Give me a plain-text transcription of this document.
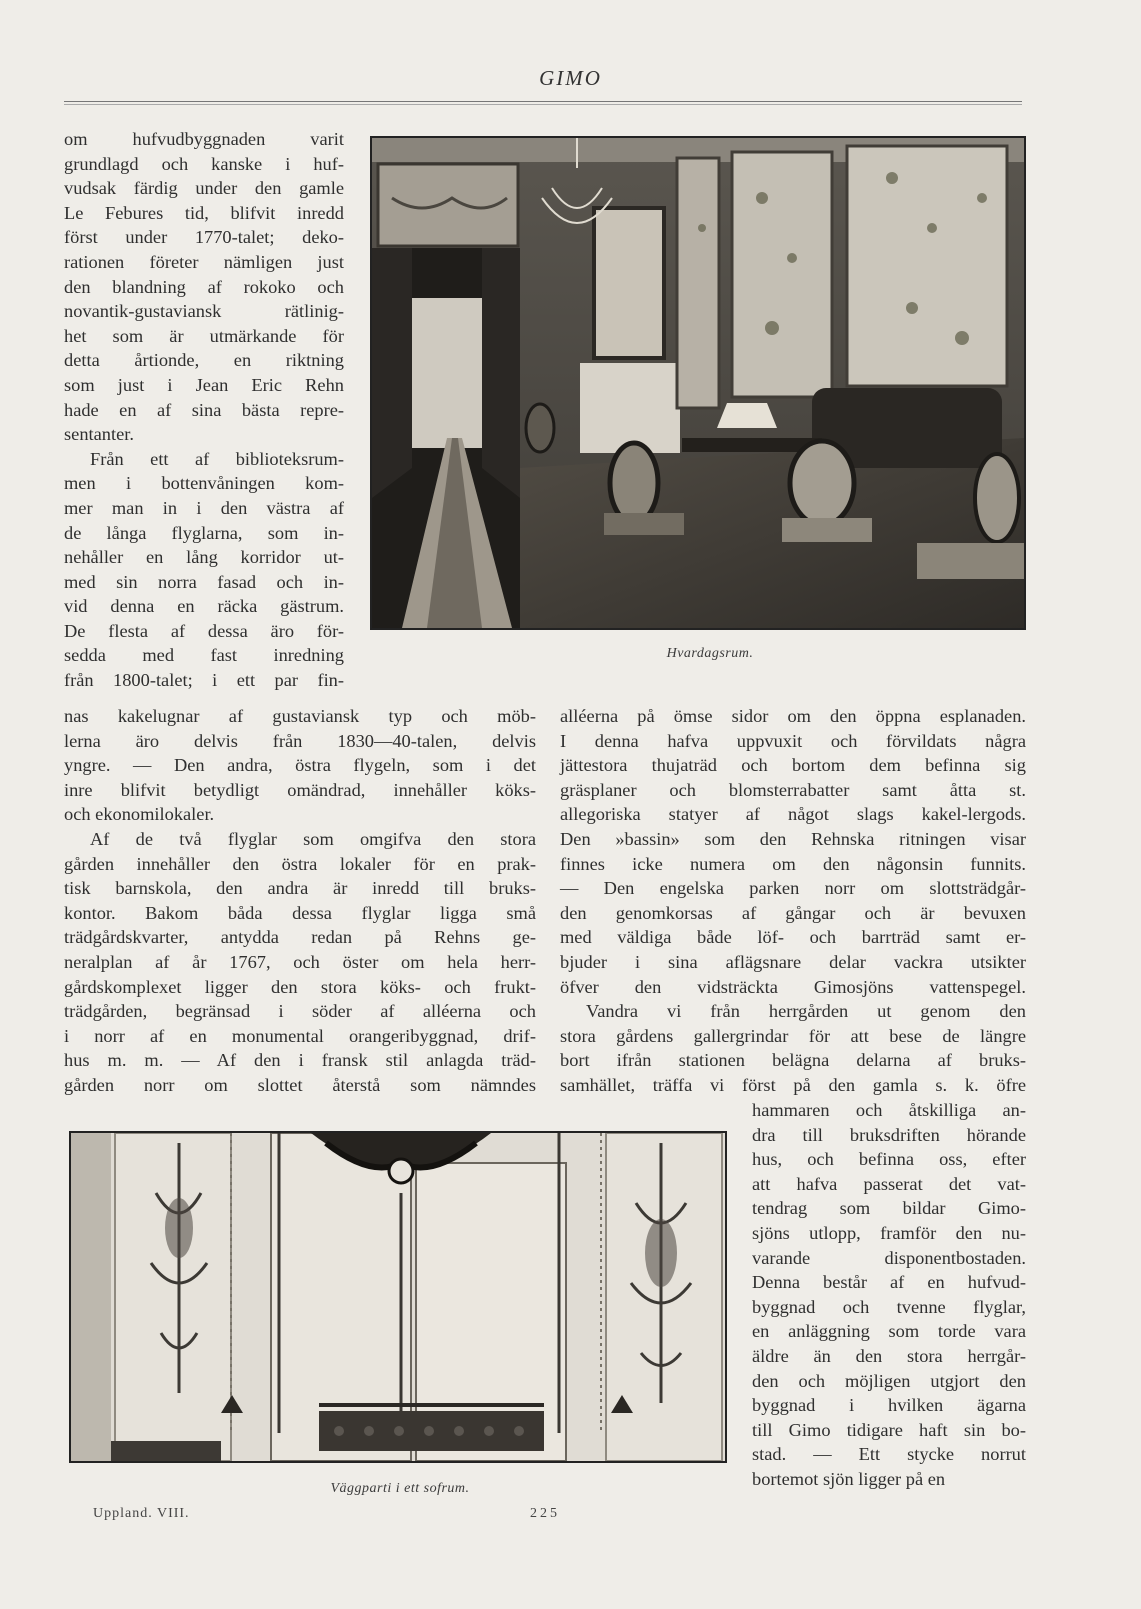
GIMO
Hvardagsrum.
om hufvudbyggnaden varit
grundlagd och kanske i huf-
vudsak färdig under den gamle
Le Febures tid, blifvit inredd
först under 1770-talet; deko-
rationen företer nämligen just
den blandning af rokoko och
novantik-gustaviansk rätlinig-
het som är utmärkande för
detta årtionde, en riktning
som just i Jean Eric Rehn
hade en af sina bästa repre-
sentanter.
Från ett af biblioteksrum-
men i bottenvåningen kom-
mer man in i den västra af
de långa flyglarna, som in-
nehåller en lång korridor ut-
med sin norra fasad och in-
vid denna en räcka gästrum.
De flesta af dessa äro för-
sedda med fast inredning
från 1800-talet; i ett par fin-
nas kakelugnar af gustaviansk typ och möb-
lerna äro delvis från 1830—40-talen, delvis
yngre. — Den andra, östra flygeln, som i det
inre blifvit betydligt omändrad, innehåller köks-
och ekonomilokaler.
Af de två flyglar som omgifva den stora
gården innehåller den östra lokaler för en prak-
tisk barnskola, den andra är inredd till bruks-
kontor. Bakom båda dessa flyglar ligga små
trädgårdskvarter, antydda redan på Rehns ge-
neralplan af år 1767, och öster om hela herr-
gårdskomplexet ligger den stora köks- och frukt-
trädgården, begränsad i söder af alléerna och
i norr af en monumental orangeribyggnad, drif-
hus m. m. — Af den i fransk stil anlagda träd-
gården norr om slottet återstå som nämndes
alléerna på ömse sidor om den öppna esplanaden.
I denna hafva uppvuxit och förvildats några
jättestora thujaträd och bortom dem befinna sig
gräsplaner och blomsterrabatter samt åtta st.
allegoriska statyer af något slags kakel-lergods.
Den »bassin» som den Rehnska ritningen visar
finnes icke numera om den någonsin funnits.
— Den engelska parken norr om slottsträdgår-
den genomkorsas af gångar och är bevuxen
med väldiga både löf- och barrträd samt er-
bjuder i sina aflägsnare delar vackra utsikter
öfver den vidsträckta Gimosjöns vattenspegel.
Vandra vi från herrgården ut genom den
stora gårdens gallergrindar för att bese de längre
bort ifrån stationen belägna delarna af bruks-
samhället, träffa vi först på den gamla s. k. öfre
hammaren och åtskilliga an-
dra till bruksdriften hörande
hus, och befinna oss, efter
att hafva passerat det vat-
tendrag som bildar Gimo-
sjöns utlopp, framför den nu-
varande disponentbostaden.
Denna består af en hufvud-
byggnad och tvenne flyglar,
en anläggning som torde vara
äldre än den stora herrgår-
den och möjligen utgjort den
byggnad i hvilken ägarna
till Gimo tidigare haft sin bo-
stad. — Ett stycke norrut
bortemot sjön ligger på en
Väggparti i ett sofrum.
Uppland. VIII.	225
